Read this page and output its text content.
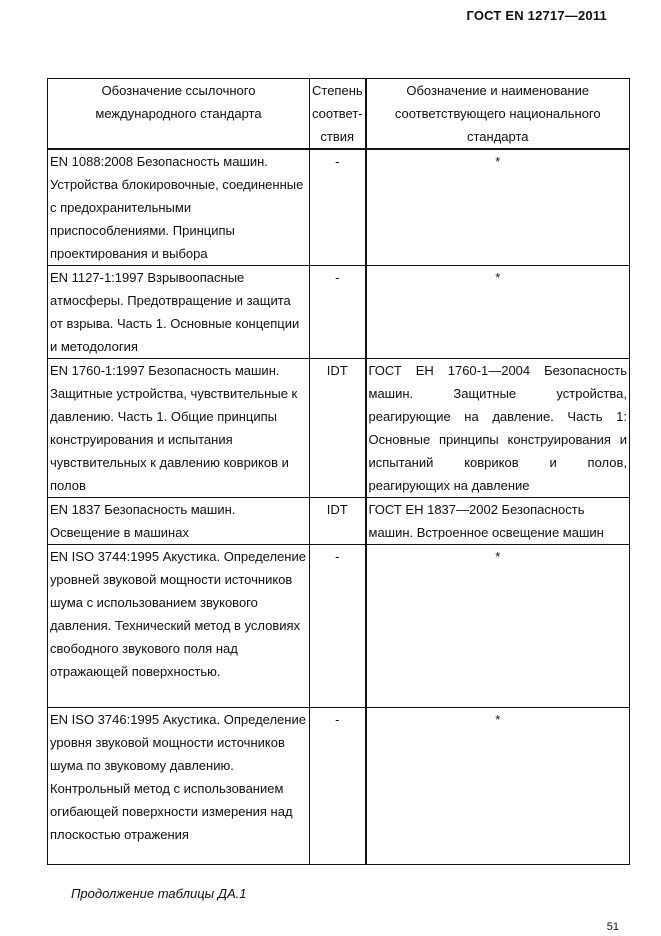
ГОСТ EN 12717—2011
Обозначение ссылочного международного стандарта	Степень соответ-ствия	Обозначение и наименование соответствующего национального стандарта
EN 1088:2008 Безопасность машин. Устройства блокировочные, соединенные с предохранительными приспособлениями. Принципы проектирования и выбора	-	*
EN 1127-1:1997 Взрывоопасные атмосферы. Предотвращение и защита от взрыва. Часть 1. Основные концепции и методология	-	*
EN 1760-1:1997 Безопасность машин. Защитные устройства, чувствительные к давлению. Часть 1. Общие принципы конструирования и испытания чувствительных к давлению ковриков и полов	IDT	ГОСТ ЕН 1760-1—2004 Безопасность машин. Защитные устройства, реагирующие на давление. Часть 1: Основные принципы конструирования и испытаний ковриков и полов, реагирующих на давление
EN 1837 Безопасность машин. Освещение в машинах	IDT	ГОСТ ЕН 1837—2002 Безопасность машин. Встроенное освещение машин
EN ISO 3744:1995 Акустика. Определение уровней звуковой мощности источников шума с использованием звукового давления. Технический метод в условиях свободного звукового поля над отражающей поверхностью.	-	*
EN ISO 3746:1995 Акустика. Определение уровня звуковой мощности источников шума по звуковому давлению. Контрольный метод с использованием огибающей поверхности измерения над плоскостью отражения	-	*
Продолжение таблицы ДА.1
51
